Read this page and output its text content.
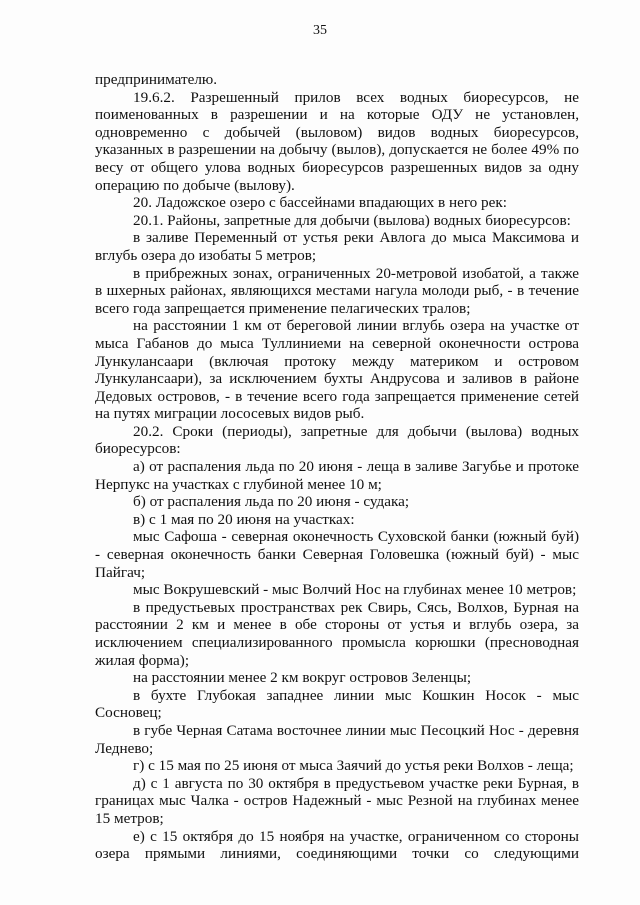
35

предпринимателю.

19.6.2. Разрешенный прилов всех водных биоресурсов, не поименованных в разрешении и на которые ОДУ не установлен, одновременно с добычей (выловом) видов водных биоресурсов, указанных в разрешении на добычу (вылов), допускается не более 49% по весу от общего улова водных биоресурсов разрешенных видов за одну операцию по добыче (вылову).

20. Ладожское озеро с бассейнами впадающих в него рек:

20.1. Районы, запретные для добычи (вылова) водных биоресурсов:

в заливе Переменный от устья реки Авлога до мыса Максимова и вглубь озера до изобаты 5 метров;

в прибрежных зонах, ограниченных 20-метровой изобатой, а также в шхерных районах, являющихся местами нагула молоди рыб, - в течение всего года запрещается применение пелагических тралов;

на расстоянии 1 км от береговой линии вглубь озера на участке от мыса Габанов до мыса Туллиниеми на северной оконечности острова Лункулансаари (включая протоку между материком и островом Лункулансаари), за исключением бухты Андрусова и заливов в районе Дедовых островов, - в течение всего года запрещается применение сетей на путях миграции лососевых видов рыб.

20.2. Сроки (периоды), запретные для добычи (вылова) водных биоресурсов:

а) от распаления льда по 20 июня - леща в заливе Загубье и протоке Нерпукс на участках с глубиной менее 10 м;

б) от распаления льда по 20 июня - судака;

в) с 1 мая по 20 июня на участках:

мыс Сафоша - северная оконечность Суховской банки (южный буй) - северная оконечность банки Северная Головешка (южный буй) - мыс Пайгач;

мыс Вокрушевский - мыс Волчий Нос на глубинах менее 10 метров;

в предустьевых пространствах рек Свирь, Сясь, Волхов, Бурная на расстоянии 2 км и менее в обе стороны от устья и вглубь озера, за исключением специализированного промысла корюшки (пресноводная жилая форма);

на расстоянии менее 2 км вокруг островов Зеленцы;

в бухте Глубокая западнее линии мыс Кошкин Носок - мыс Сосновец;

в губе Черная Сатама восточнее линии мыс Песоцкий Нос - деревня Леднево;

г) с 15 мая по 25 июня от мыса Заячий до устья реки Волхов - леща;

д) с 1 августа по 30 октября в предустьевом участке реки Бурная, в границах мыс Чалка - остров Надежный - мыс Резной на глубинах менее 15 метров;

е) с 15 октября до 15 ноября на участке, ограниченном со стороны озера прямыми линиями, соединяющими точки со следующими
